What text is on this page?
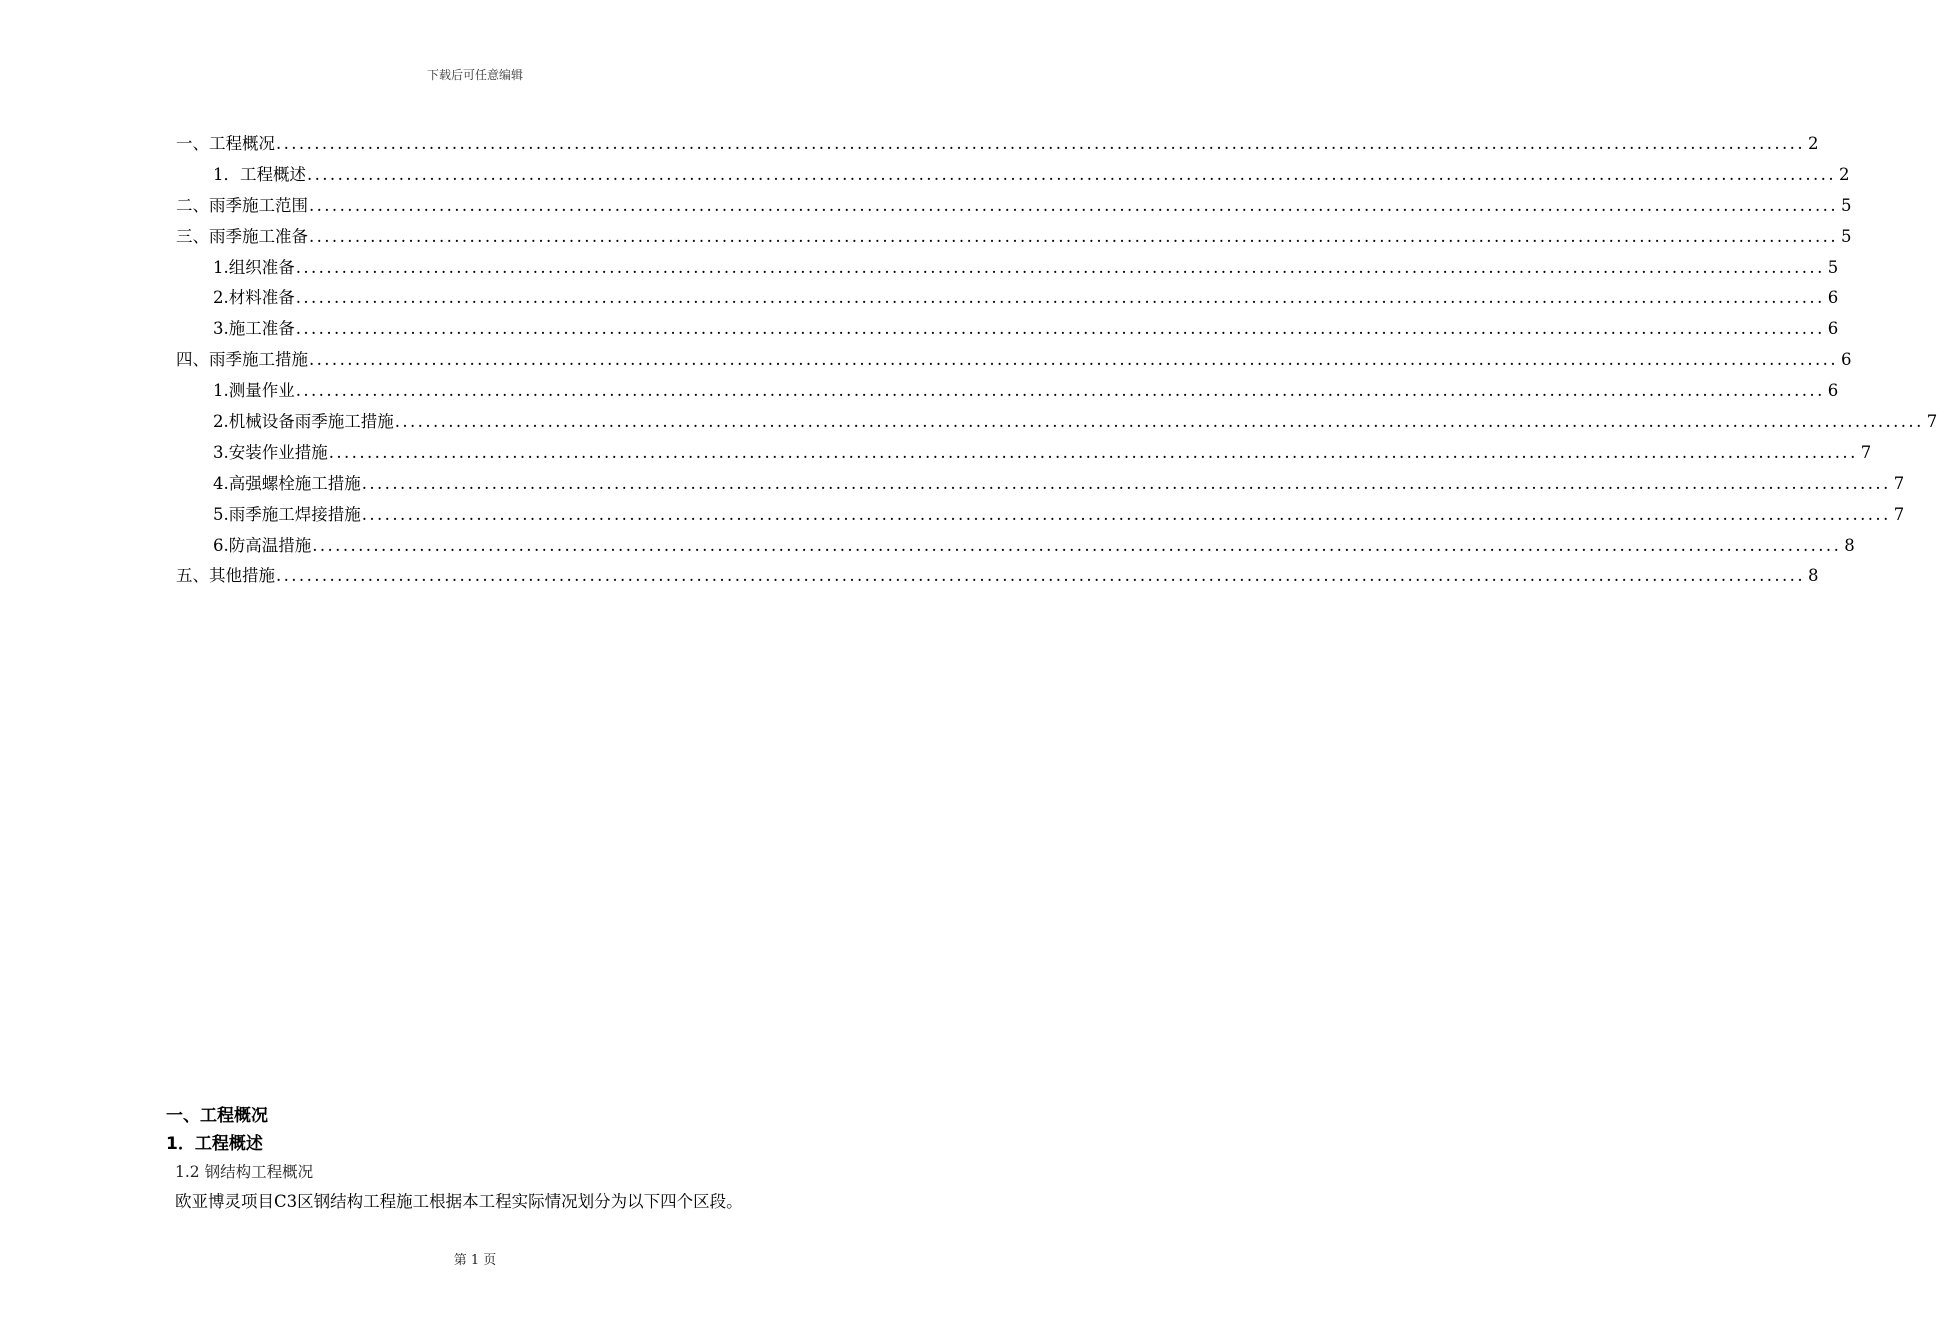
下载后可任意编辑
一、工程概况 ........................................................................................................................................................................................................ 2
1．工程概述 ........................................................................................................................................................................................................ 2
二、雨季施工范围 ........................................................................................................................................................................................................ 5
三、雨季施工准备 ........................................................................................................................................................................................................ 5
1.组织准备 ........................................................................................................................................................................................................ 5
2.材料准备 ........................................................................................................................................................................................................ 6
3.施工准备 ........................................................................................................................................................................................................ 6
四、雨季施工措施 ........................................................................................................................................................................................................ 6
1.测量作业 ........................................................................................................................................................................................................ 6
2.机械设备雨季施工措施 ........................................................................................................................................................................................................ 7
3.安装作业措施 ........................................................................................................................................................................................................ 7
4.高强螺栓施工措施 ........................................................................................................................................................................................................ 7
5.雨季施工焊接措施 ........................................................................................................................................................................................................ 7
6.防高温措施 ........................................................................................................................................................................................................ 8
五、其他措施 ........................................................................................................................................................................................................ 8
一、工程概况
1．工程概述
1.2 钢结构工程概况
欧亚博灵项目C3区钢结构工程施工根据本工程实际情况划分为以下四个区段。
第 1 页
